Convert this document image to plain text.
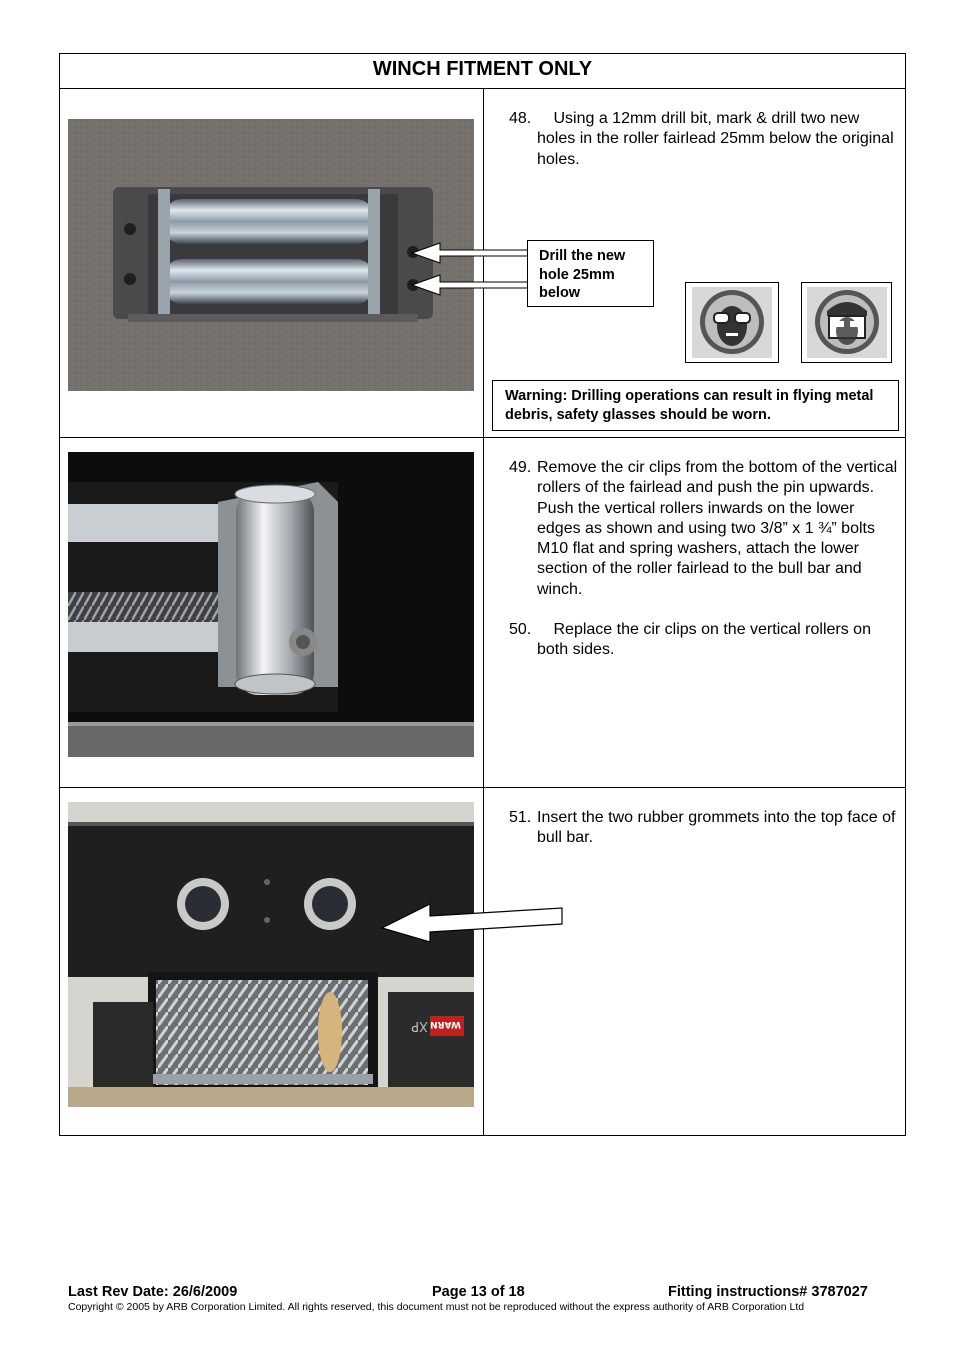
WINCH FITMENT ONLY
48. Using a 12mm drill bit, mark & drill two new holes in the roller fairlead 25mm below the original holes.
Drill the new hole 25mm below
Warning: Drilling operations can result in flying metal debris, safety glasses should be worn.
49. Remove the cir clips from the bottom of the vertical rollers of the fairlead and push the pin upwards. Push the vertical rollers inwards on the lower edges as shown and using two 3/8” x 1 ¾” bolts M10 flat and spring washers, attach the lower section of the roller fairlead to the bull bar and winch.
50. Replace the cir clips on the vertical rollers on both sides.
XP WARN
51. Insert the two rubber grommets into the top face of bull bar.
Last Rev Date: 26/6/2009	Page 13 of 18	Fitting instructions# 3787027
Copyright © 2005 by ARB Corporation Limited. All rights reserved, this document must not be reproduced without the express authority of ARB Corporation Ltd
